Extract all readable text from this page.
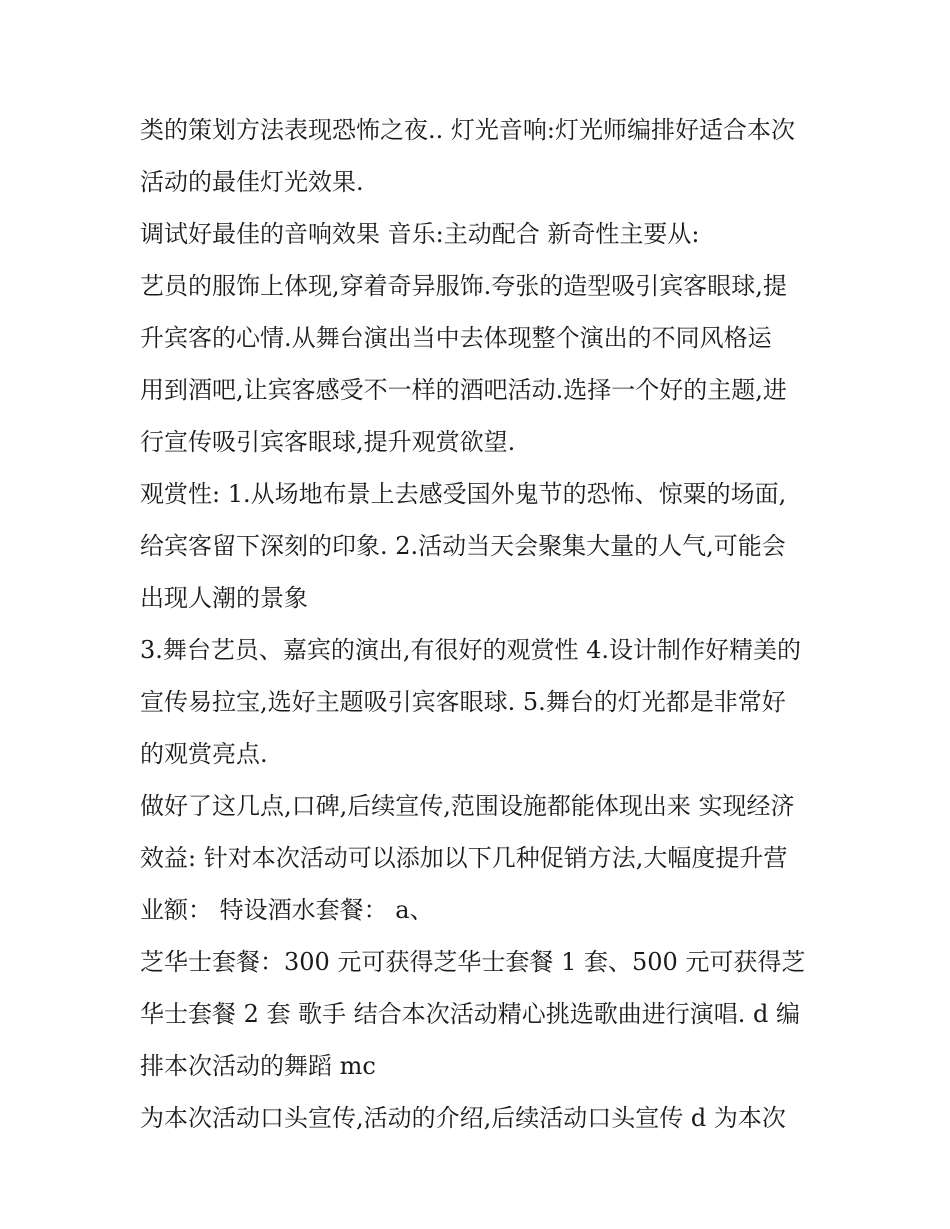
类的策划方法表现恐怖之夜.. 灯光音响:灯光师编排好适合本次
活动的最佳灯光效果.
调试好最佳的音响效果 音乐:主动配合 新奇性主要从:
艺员的服饰上体现,穿着奇异服饰.夸张的造型吸引宾客眼球,提
升宾客的心情.从舞台演出当中去体现整个演出的不同风格运
用到酒吧,让宾客感受不一样的酒吧活动.选择一个好的主题,进
行宣传吸引宾客眼球,提升观赏欲望.
观赏性: 1.从场地布景上去感受国外鬼节的恐怖、惊粟的场面,
给宾客留下深刻的印象. 2.活动当天会聚集大量的人气,可能会
出现人潮的景象
3.舞台艺员、嘉宾的演出,有很好的观赏性 4.设计制作好精美的
宣传易拉宝,选好主题吸引宾客眼球. 5.舞台的灯光都是非常好
的观赏亮点.
做好了这几点,口碑,后续宣传,范围设施都能体现出来 实现经济
效益: 针对本次活动可以添加以下几种促销方法,大幅度提升营
业额： 特设酒水套餐： a、
芝华士套餐：300 元可获得芝华士套餐 1 套、500 元可获得芝
华士套餐 2 套 歌手 结合本次活动精心挑选歌曲进行演唱. d 编
排本次活动的舞蹈 mc
为本次活动口头宣传,活动的介绍,后续活动口头宣传 d 为本次
